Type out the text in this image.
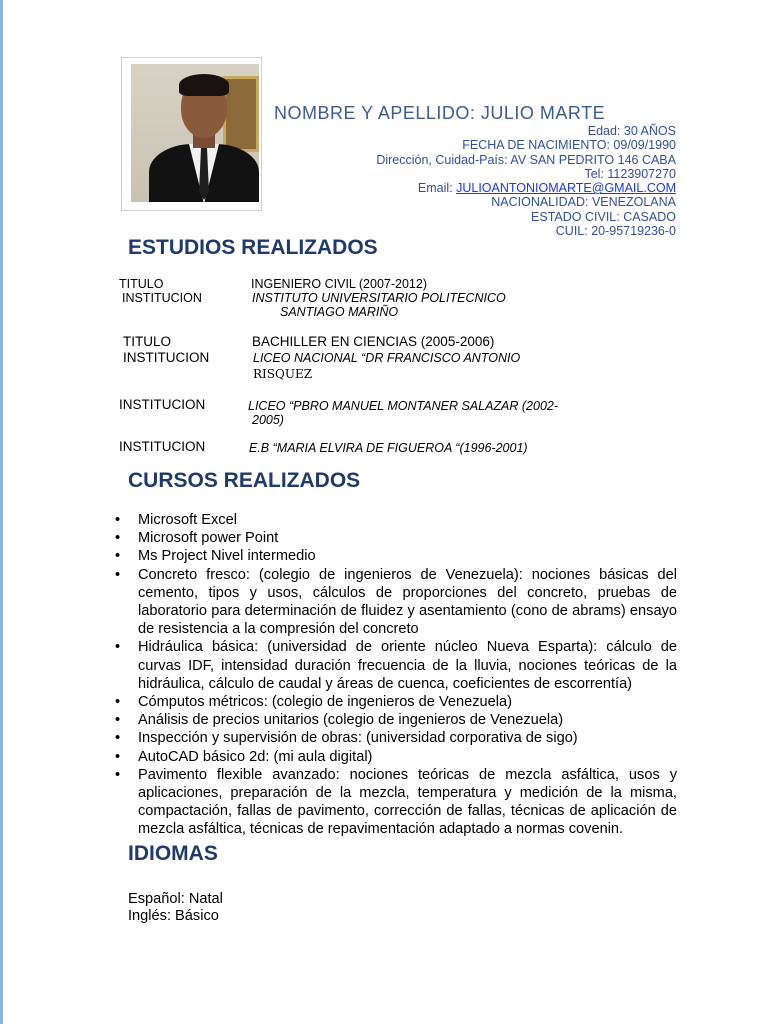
NOMBRE Y APELLIDO: JULIO MARTE
Edad: 30 AÑOS
FECHA DE NACIMIENTO: 09/09/1990
Dirección, Cuidad-País: AV SAN PEDRITO 146 CABA
Tel: 1123907270
Email: JULIOANTONIOMARTE@GMAIL.COM
NACIONALIDAD: VENEZOLANA
ESTADO CIVIL: CASADO
CUIL: 20-95719236-0
ESTUDIOS REALIZADOS
TITULO	INGENIERO CIVIL (2007-2012)
INSTITUCION	INSTITUTO UNIVERSITARIO POLITECNICO
SANTIAGO MARIÑO
TITULO	BACHILLER EN CIENCIAS (2005-2006)
INSTITUCION	LICEO NACIONAL “DR FRANCISCO ANTONIO
RISQUEZ
INSTITUCION	LICEO “PBRO MANUEL MONTANER SALAZAR (2002-
2005)
INSTITUCION	E.B “MARIA ELVIRA DE FIGUEROA “(1996-2001)
CURSOS REALIZADOS
• Microsoft Excel
• Microsoft power Point
• Ms Project Nivel intermedio
• Concreto fresco: (colegio de ingenieros de Venezuela): nociones básicas del cemento, tipos y usos, cálculos de proporciones del concreto, pruebas de laboratorio para determinación de fluidez y asentamiento (cono de abrams) ensayo de resistencia a la compresión del concreto
• Hidráulica básica: (universidad de oriente núcleo Nueva Esparta): cálculo de curvas IDF, intensidad duración frecuencia de la lluvia, nociones teóricas de la hidráulica, cálculo de caudal y áreas de cuenca, coeficientes de escorrentía)
• Cómputos métricos: (colegio de ingenieros de Venezuela)
• Análisis de precios unitarios (colegio de ingenieros de Venezuela)
• Inspección y supervisión de obras: (universidad corporativa de sigo)
• AutoCAD básico 2d: (mi aula digital)
• Pavimento flexible avanzado: nociones teóricas de mezcla asfáltica, usos y aplicaciones, preparación de la mezcla, temperatura y medición de la misma, compactación, fallas de pavimento, corrección de fallas, técnicas de aplicación de mezcla asfáltica, técnicas de repavimentación adaptado a normas covenin.
IDIOMAS
Español: Natal
Inglés: Básico
